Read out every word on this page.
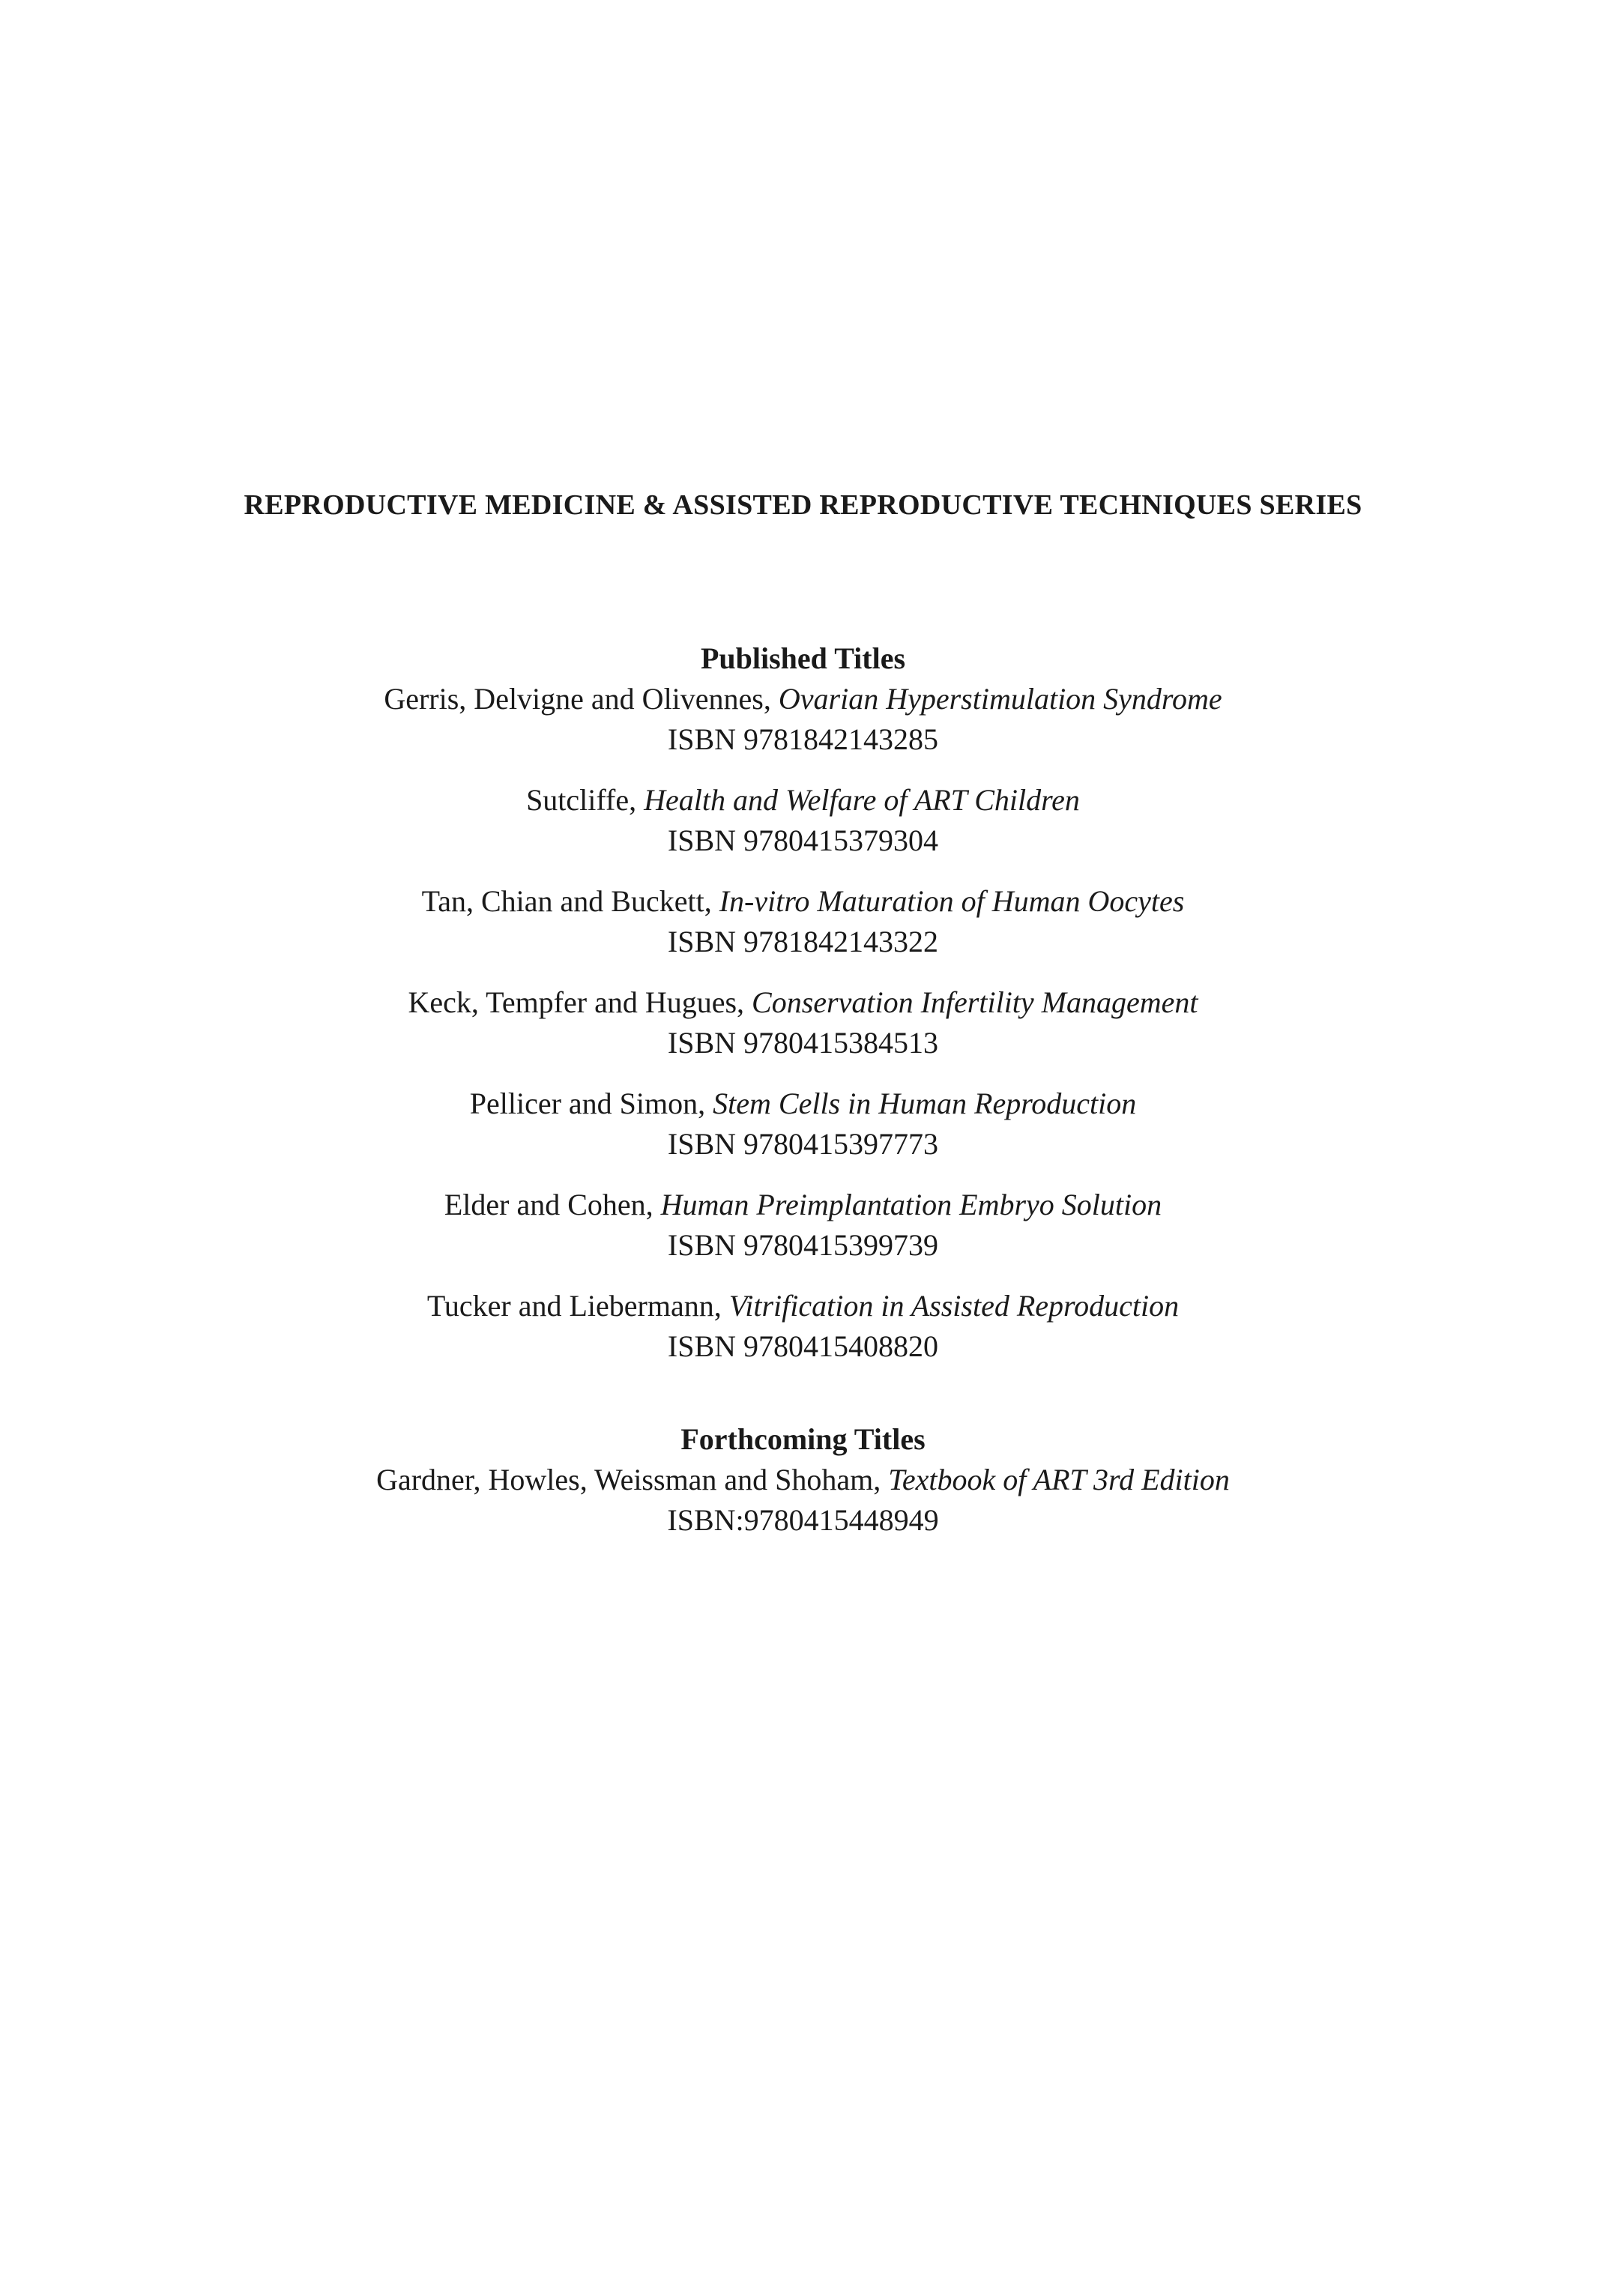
REPRODUCTIVE MEDICINE & ASSISTED REPRODUCTIVE TECHNIQUES SERIES

Published Titles

Gerris, Delvigne and Olivennes, Ovarian Hyperstimulation Syndrome
ISBN 9781842143285
Sutcliffe, Health and Welfare of ART Children
ISBN 9780415379304
Tan, Chian and Buckett, In-vitro Maturation of Human Oocytes
ISBN 9781842143322
Keck, Tempfer and Hugues, Conservation Infertility Management
ISBN 9780415384513
Pellicer and Simon, Stem Cells in Human Reproduction
ISBN 9780415397773
Elder and Cohen, Human Preimplantation Embryo Solution
ISBN 9780415399739
Tucker and Liebermann, Vitrification in Assisted Reproduction
ISBN 9780415408820

Forthcoming Titles

Gardner, Howles, Weissman and Shoham, Textbook of ART 3rd Edition
ISBN:9780415448949
